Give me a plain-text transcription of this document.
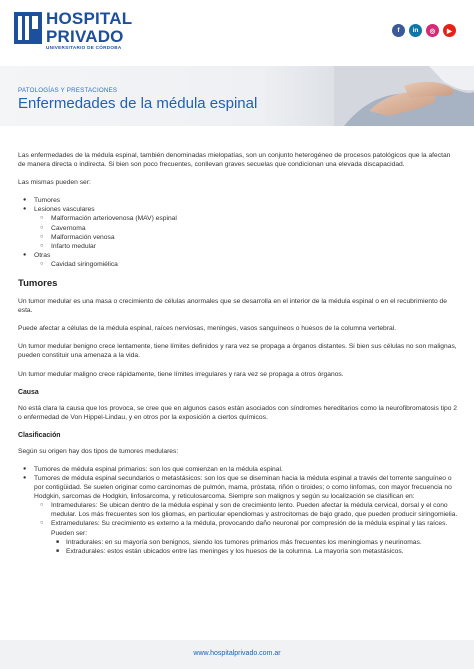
HOSPITAL
PRIVADO
UNIVERSITARIO DE CÓRDOBA
f	in	◎	▶
PATOLOGÍAS Y PRESTACIONES
Enfermedades de la médula espinal

Las enfermedades de la médula espinal, también denominadas mielopatías, son un conjunto heterogéneo de procesos patológicos que la afectan de manera directa o indirecta. Si bien son poco frecuentes, conllevan graves secuelas que condicionan una elevada discapacidad.

Las mismas pueden ser:

● Tumores
● Lesiones vasculares
○ Malformación arteriovenosa (MAV) espinal
○ Cavernoma
○ Malformación venosa
○ Infarto medular
● Otras
○ Cavidad siringomiélica
Tumores

Un tumor medular es una masa o crecimiento de células anormales que se desarrolla en el interior de la médula espinal o en el recubrimiento de esta.

Puede afectar a células de la médula espinal, raíces nerviosas, meninges, vasos sanguíneos o huesos de la columna vertebral.

Un tumor medular benigno crece lentamente, tiene límites definidos y rara vez se propaga a órganos distantes. Si bien sus células no son malignas, pueden constituir una amenaza a la vida.

Un tumor medular maligno crece rápidamente, tiene límites irregulares y rara vez se propaga a otros órganos.

Causa

No está clara la causa que los provoca, se cree que en algunos casos están asociados con síndromes hereditarios como la neurofibromatosis tipo 2 o enfermedad de Von Hippel-Lindau, y en otros por la exposición a ciertos químicos.

Clasificación

Según su origen hay dos tipos de tumores medulares:

● Tumores de médula espinal primarios: son los que comienzan en la médula espinal.
● Tumores de médula espinal secundarios o metastásicos: son los que se diseminan hacia la médula espinal a través del torrente sanguíneo o por contigüidad. Se suelen originar como carcinomas de pulmón, mama, próstata, riñón o tiroides; o como linfomas, con mayor frecuencia no Hodgkin, sarcomas de Hodgkin, linfosarcoma, y reticulosarcoma. Siempre son malignos y según su localización se clasifican en:
○ Intramedulares: Se ubican dentro de la médula espinal y son de crecimiento lento. Pueden afectar la médula cervical, dorsal y el cono medular. Los más frecuentes son los gliomas, en particular ependiomas y astrocitomas de bajo grado, que pueden producir siringomielia.
○ Extramedulares: Su crecimiento es externo a la médula, provocando daño neuronal por compresión de la médula espinal y las raíces. Pueden ser:
■ Intradurales: en su mayoría son benignos, siendo los tumores primarios más frecuentes los meningiomas y neurinomas.
■ Extradurales: estos están ubicados entre las meninges y los huesos de la columna. La mayoría son metastásicos.
www.hospitalprivado.com.ar
